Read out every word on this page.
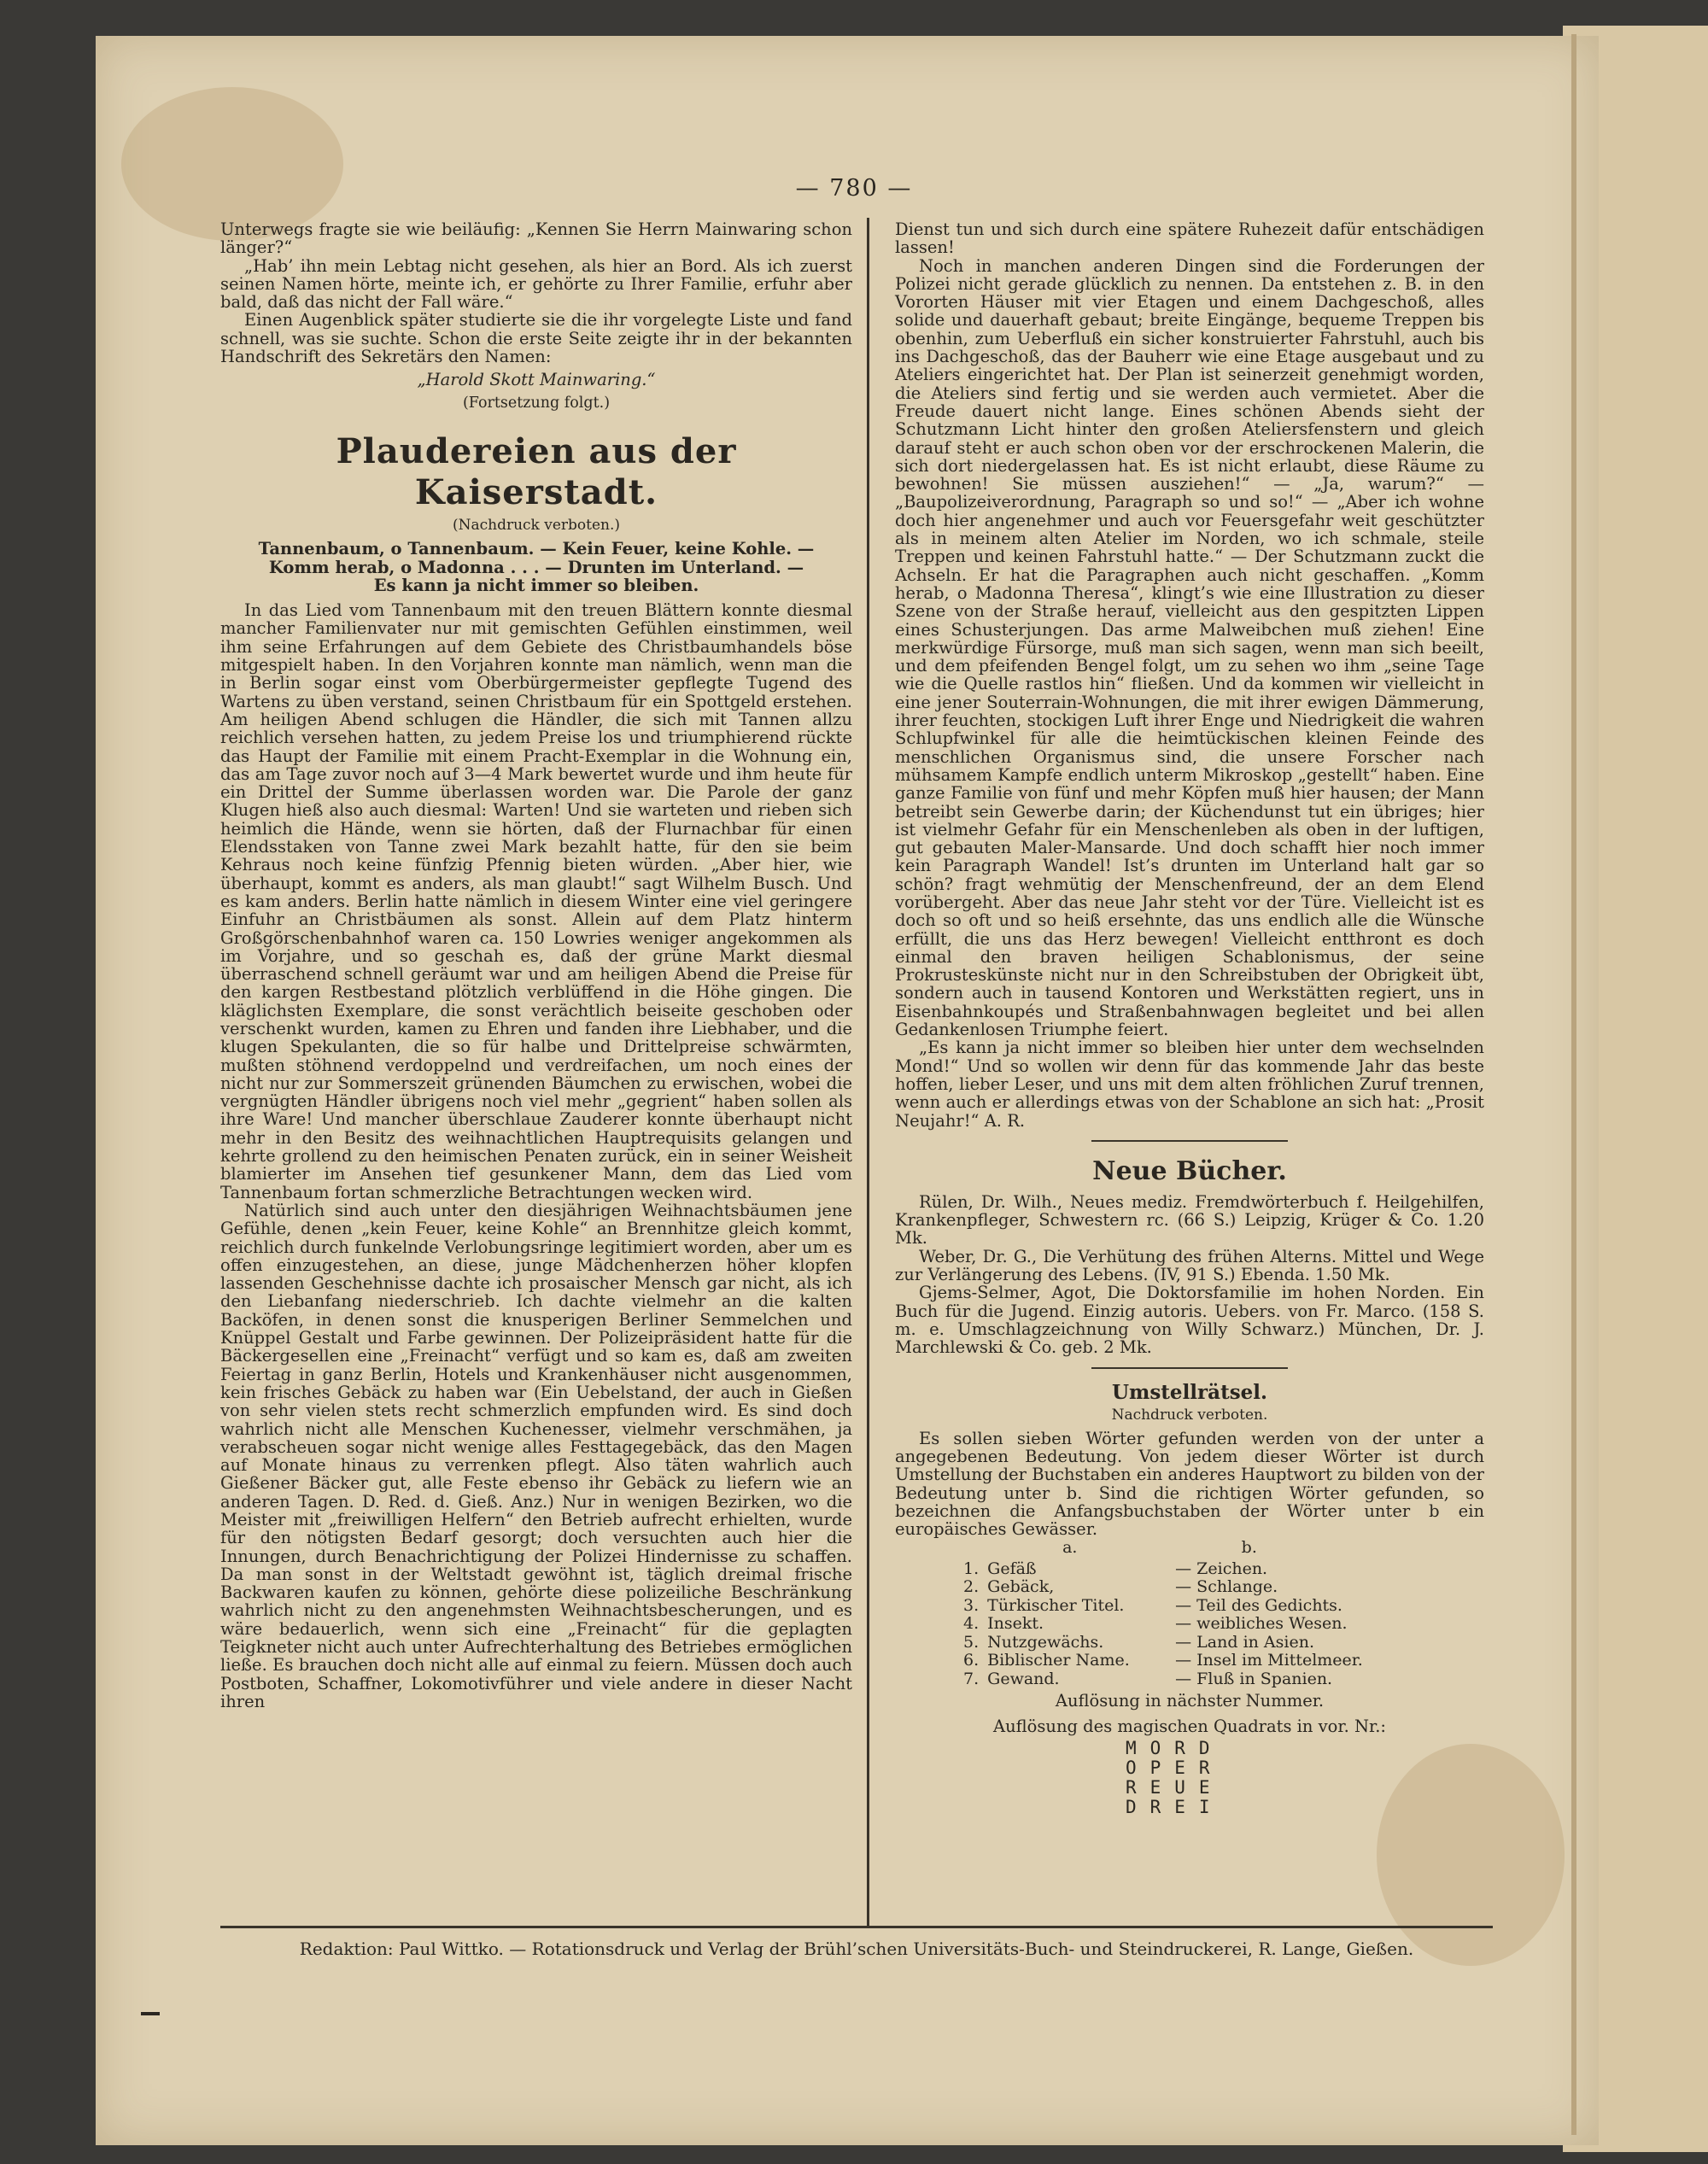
— 780 —

Unterwegs fragte sie wie beiläufig: „Kennen Sie Herrn Mainwaring schon länger?“

„Hab’ ihn mein Lebtag nicht gesehen, als hier an Bord. Als ich zuerst seinen Namen hörte, meinte ich, er gehörte zu Ihrer Familie, erfuhr aber bald, daß das nicht der Fall wäre.“

Einen Augenblick später studierte sie die ihr vorgelegte Liste und fand schnell, was sie suchte. Schon die erste Seite zeigte ihr in der bekannten Handschrift des Sekretärs den Namen:

„Harold Skott Mainwaring.“

(Fortsetzung folgt.)

Plaudereien aus der Kaiserstadt.
(Nachdruck verboten.)

Tannenbaum, o Tannenbaum. — Kein Feuer, keine Kohle. —

Komm herab, o Madonna . . . — Drunten im Unterland. —

Es kann ja nicht immer so bleiben.

In das Lied vom Tannenbaum mit den treuen Blättern konnte diesmal mancher Familienvater nur mit gemischten Gefühlen einstimmen, weil ihm seine Erfahrungen auf dem Gebiete des Christbaumhandels böse mitgespielt haben. In den Vorjahren konnte man nämlich, wenn man die in Berlin sogar einst vom Oberbürgermeister gepflegte Tugend des Wartens zu üben verstand, seinen Christbaum für ein Spottgeld erstehen. Am heiligen Abend schlugen die Händler, die sich mit Tannen allzu reichlich versehen hatten, zu jedem Preise los und triumphierend rückte das Haupt der Familie mit einem Pracht-Exemplar in die Wohnung ein, das am Tage zuvor noch auf 3—4 Mark bewertet wurde und ihm heute für ein Drittel der Summe überlassen worden war. Die Parole der ganz Klugen hieß also auch diesmal: Warten! Und sie warteten und rieben sich heimlich die Hände, wenn sie hörten, daß der Flurnachbar für einen Elendsstaken von Tanne zwei Mark bezahlt hatte, für den sie beim Kehraus noch keine fünfzig Pfennig bieten würden. „Aber hier, wie überhaupt, kommt es anders, als man glaubt!“ sagt Wilhelm Busch. Und es kam anders. Berlin hatte nämlich in diesem Winter eine viel geringere Einfuhr an Christbäumen als sonst. Allein auf dem Platz hinterm Großgörschenbahnhof waren ca. 150 Lowries weniger angekommen als im Vorjahre, und so geschah es, daß der grüne Markt diesmal überraschend schnell geräumt war und am heiligen Abend die Preise für den kargen Restbestand plötzlich verblüffend in die Höhe gingen. Die kläglichsten Exemplare, die sonst verächtlich beiseite geschoben oder verschenkt wurden, kamen zu Ehren und fanden ihre Liebhaber, und die klugen Spekulanten, die so für halbe und Drittelpreise schwärmten, mußten stöhnend verdoppelnd und verdreifachen, um noch eines der nicht nur zur Sommerszeit grünenden Bäumchen zu erwischen, wobei die vergnügten Händler übrigens noch viel mehr „gegrient“ haben sollen als ihre Ware! Und mancher überschlaue Zauderer konnte überhaupt nicht mehr in den Besitz des weihnachtlichen Hauptrequisits gelangen und kehrte grollend zu den heimischen Penaten zurück, ein in seiner Weisheit blamierter im Ansehen tief gesunkener Mann, dem das Lied vom Tannenbaum fortan schmerzliche Betrachtungen wecken wird.

Natürlich sind auch unter den diesjährigen Weihnachtsbäumen jene Gefühle, denen „kein Feuer, keine Kohle“ an Brennhitze gleich kommt, reichlich durch funkelnde Verlobungsringe legitimiert worden, aber um es offen einzugestehen, an diese, junge Mädchenherzen höher klopfen lassenden Geschehnisse dachte ich prosaischer Mensch gar nicht, als ich den Liebanfang niederschrieb. Ich dachte vielmehr an die kalten Backöfen, in denen sonst die knusperigen Berliner Semmelchen und Knüppel Gestalt und Farbe gewinnen. Der Polizeipräsident hatte für die Bäckergesellen eine „Freinacht“ verfügt und so kam es, daß am zweiten Feiertag in ganz Berlin, Hotels und Krankenhäuser nicht ausgenommen, kein frisches Gebäck zu haben war (Ein Uebelstand, der auch in Gießen von sehr vielen stets recht schmerzlich empfunden wird. Es sind doch wahrlich nicht alle Menschen Kuchenesser, vielmehr verschmähen, ja verabscheuen sogar nicht wenige alles Festtagegebäck, das den Magen auf Monate hinaus zu verrenken pflegt. Also täten wahrlich auch Gießener Bäcker gut, alle Feste ebenso ihr Gebäck zu liefern wie an anderen Tagen. D. Red. d. Gieß. Anz.) Nur in wenigen Bezirken, wo die Meister mit „freiwilligen Helfern“ den Betrieb aufrecht erhielten, wurde für den nötigsten Bedarf gesorgt; doch versuchten auch hier die Innungen, durch Benachrichtigung der Polizei Hindernisse zu schaffen. Da man sonst in der Weltstadt gewöhnt ist, täglich dreimal frische Backwaren kaufen zu können, gehörte diese polizeiliche Beschränkung wahrlich nicht zu den angenehmsten Weihnachtsbescherungen, und es wäre bedauerlich, wenn sich eine „Freinacht“ für die geplagten Teigkneter nicht auch unter Aufrechterhaltung des Betriebes ermöglichen ließe. Es brauchen doch nicht alle auf einmal zu feiern. Müssen doch auch Postboten, Schaffner, Lokomotivführer und viele andere in dieser Nacht ihren

Dienst tun und sich durch eine spätere Ruhezeit dafür entschädigen lassen!

Noch in manchen anderen Dingen sind die Forderungen der Polizei nicht gerade glücklich zu nennen. Da entstehen z. B. in den Vororten Häuser mit vier Etagen und einem Dachgeschoß, alles solide und dauerhaft gebaut; breite Eingänge, bequeme Treppen bis obenhin, zum Ueberfluß ein sicher konstruierter Fahrstuhl, auch bis ins Dachgeschoß, das der Bauherr wie eine Etage ausgebaut und zu Ateliers eingerichtet hat. Der Plan ist seinerzeit genehmigt worden, die Ateliers sind fertig und sie werden auch vermietet. Aber die Freude dauert nicht lange. Eines schönen Abends sieht der Schutzmann Licht hinter den großen Ateliersfenstern und gleich darauf steht er auch schon oben vor der erschrockenen Malerin, die sich dort niedergelassen hat. Es ist nicht erlaubt, diese Räume zu bewohnen! Sie müssen ausziehen!“ — „Ja, warum?“ — „Baupolizeiverordnung, Paragraph so und so!“ — „Aber ich wohne doch hier angenehmer und auch vor Feuersgefahr weit geschützter als in meinem alten Atelier im Norden, wo ich schmale, steile Treppen und keinen Fahrstuhl hatte.“ — Der Schutzmann zuckt die Achseln. Er hat die Paragraphen auch nicht geschaffen. „Komm herab, o Madonna Theresa“, klingt’s wie eine Illustration zu dieser Szene von der Straße herauf, vielleicht aus den gespitzten Lippen eines Schusterjungen. Das arme Malweibchen muß ziehen! Eine merkwürdige Fürsorge, muß man sich sagen, wenn man sich beeilt, und dem pfeifenden Bengel folgt, um zu sehen wo ihm „seine Tage wie die Quelle rastlos hin“ fließen. Und da kommen wir vielleicht in eine jener Souterrain-Wohnungen, die mit ihrer ewigen Dämmerung, ihrer feuchten, stockigen Luft ihrer Enge und Niedrigkeit die wahren Schlupfwinkel für alle die heimtückischen kleinen Feinde des menschlichen Organismus sind, die unsere Forscher nach mühsamem Kampfe endlich unterm Mikroskop „gestellt“ haben. Eine ganze Familie von fünf und mehr Köpfen muß hier hausen; der Mann betreibt sein Gewerbe darin; der Küchendunst tut ein übriges; hier ist vielmehr Gefahr für ein Menschenleben als oben in der luftigen, gut gebauten Maler-Mansarde. Und doch schafft hier noch immer kein Paragraph Wandel! Ist’s drunten im Unterland halt gar so schön? fragt wehmütig der Menschenfreund, der an dem Elend vorübergeht. Aber das neue Jahr steht vor der Türe. Vielleicht ist es doch so oft und so heiß ersehnte, das uns endlich alle die Wünsche erfüllt, die uns das Herz bewegen! Vielleicht entthront es doch einmal den braven heiligen Schablonismus, der seine Prokrusteskünste nicht nur in den Schreibstuben der Obrigkeit übt, sondern auch in tausend Kontoren und Werkstätten regiert, uns in Eisenbahnkoupés und Straßenbahnwagen begleitet und bei allen Gedankenlosen Triumphe feiert.

„Es kann ja nicht immer so bleiben hier unter dem wechselnden Mond!“ Und so wollen wir denn für das kommende Jahr das beste hoffen, lieber Leser, und uns mit dem alten fröhlichen Zuruf trennen, wenn auch er allerdings etwas von der Schablone an sich hat: „Prosit Neujahr!“ A. R.

Neue Bücher.

Rülen, Dr. Wilh., Neues mediz. Fremdwörterbuch f. Heilgehilfen, Krankenpfleger, Schwestern rc. (66 S.) Leipzig, Krüger & Co. 1.20 Mk.

Weber, Dr. G., Die Verhütung des frühen Alterns. Mittel und Wege zur Verlängerung des Lebens. (IV, 91 S.) Ebenda. 1.50 Mk.

Gjems-Selmer, Agot, Die Doktorsfamilie im hohen Norden. Ein Buch für die Jugend. Einzig autoris. Uebers. von Fr. Marco. (158 S. m. e. Umschlagzeichnung von Willy Schwarz.) München, Dr. J. Marchlewski & Co. geb. 2 Mk.

Umstellrätsel.
Nachdruck verboten.

Es sollen sieben Wörter gefunden werden von der unter a angegebenen Bedeutung. Von jedem dieser Wörter ist durch Umstellung der Buchstaben ein anderes Hauptwort zu bilden von der Bedeutung unter b. Sind die richtigen Wörter gefunden, so bezeichnen die Anfangsbuchstaben der Wörter unter b ein europäisches Gewässer.

a.	b.
1.	Gefäß	— Zeichen.
2.	Gebäck,	— Schlange.
3.	Türkischer Titel.	— Teil des Gedichts.
4.	Insekt.	— weibliches Wesen.
5.	Nutzgewächs.	— Land in Asien.
6.	Biblischer Name.	— Insel im Mittelmeer.
7.	Gewand.	— Fluß in Spanien.

Auflösung in nächster Nummer.

Auflösung des magischen Quadrats in vor. Nr.:

MORD
OPER
REUE
DREI
Redaktion: Paul Wittko. — Rotationsdruck und Verlag der Brühl’schen Universitäts-Buch- und Steindruckerei, R. Lange, Gießen.
